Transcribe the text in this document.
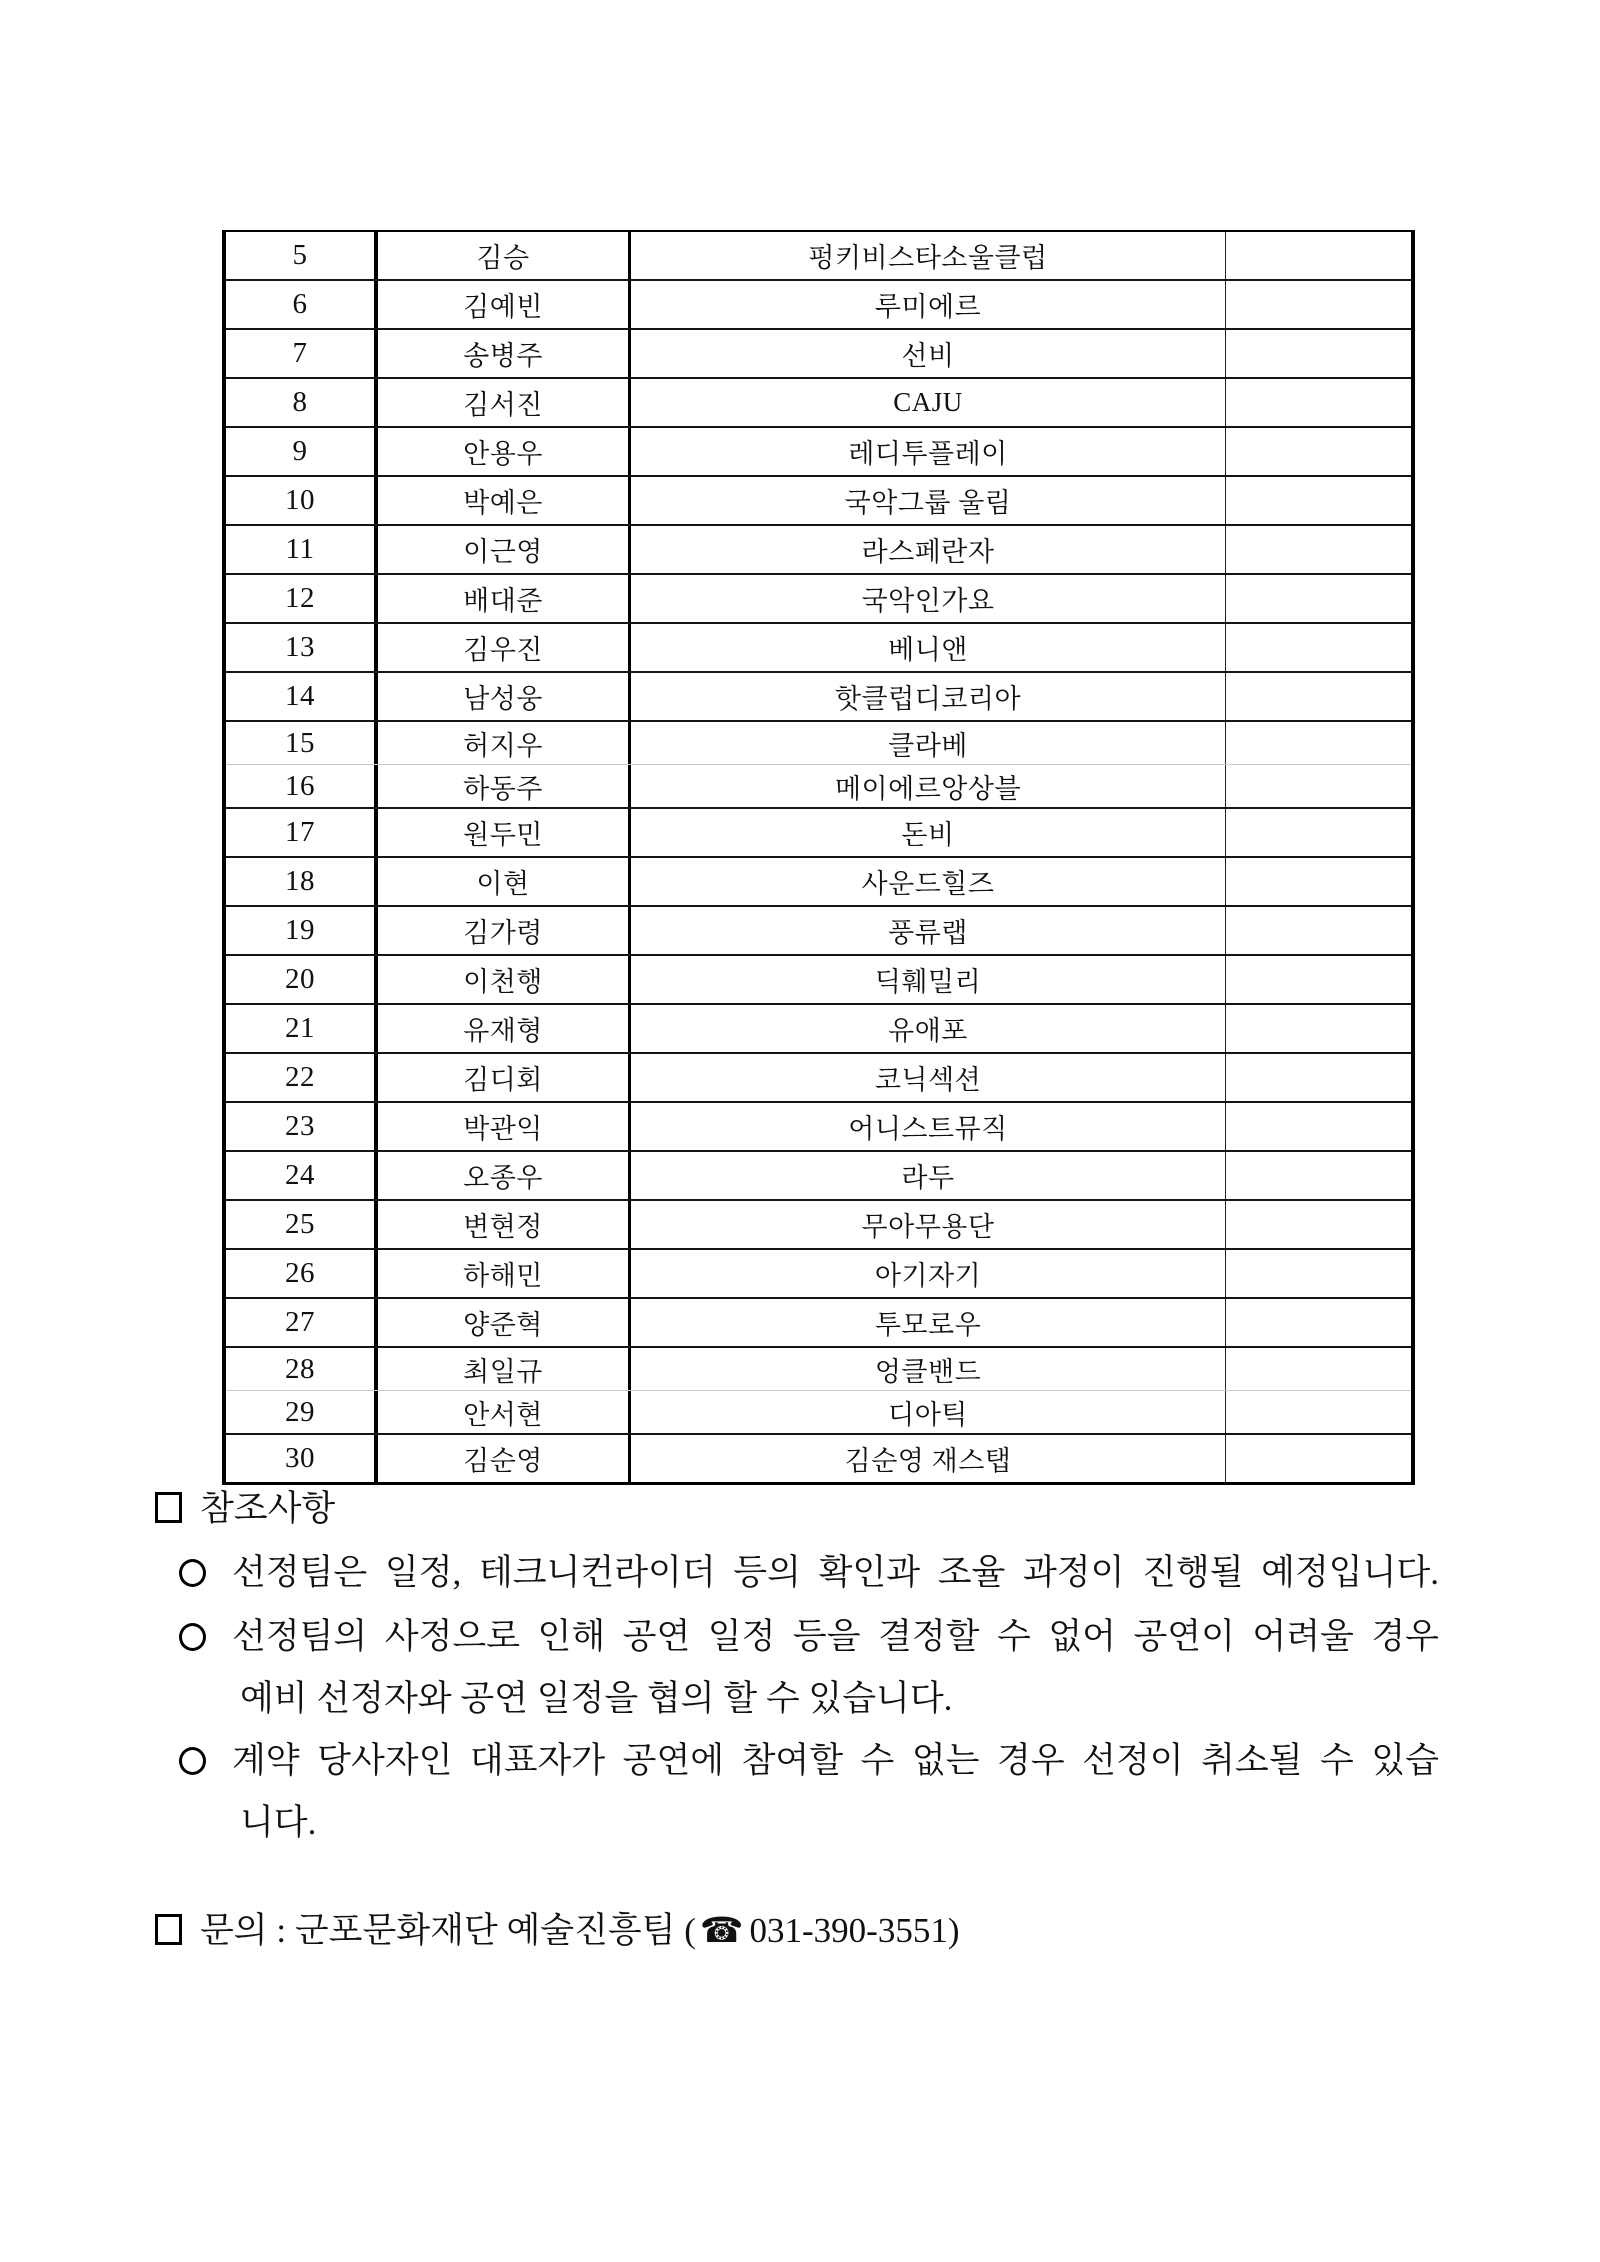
5	김승	펑키비스타소울클럽
6	김예빈	루미에르
7	송병주	선비
8	김서진	CAJU
9	안용우	레디투플레이
10	박예은	국악그룹 울림
11	이근영	라스페란자
12	배대준	국악인가요
13	김우진	베니앤
14	남성웅	핫클럽디코리아
15	허지우	클라베
16	하동주	메이에르앙상블
17	원두민	돈비
18	이현	사운드힐즈
19	김가령	풍류랩
20	이천행	딕훼밀리
21	유재형	유애포
22	김디회	코닉섹션
23	박관익	어니스트뮤직
24	오종우	라두
25	변현정	무아무용단
26	하해민	아기자기
27	양준혁	투모로우
28	최일규	엉클밴드
29	안서현	디아틱
30	김순영	김순영 재스탭
참조사항
선정팀은 일정, 테크니컨라이더 등의 확인과 조율 과정이 진행될 예정입니다.
선정팀의 사정으로 인해 공연 일정 등을 결정할 수 없어 공연이 어려울 경우
예비 선정자와 공연 일정을 협의 할 수 있습니다.
계약 당사자인 대표자가 공연에 참여할 수 없는 경우 선정이 취소될 수 있습
니다.
문의 : 군포문화재단 예술진흥팀 ( ☎ 031-390-3551)
